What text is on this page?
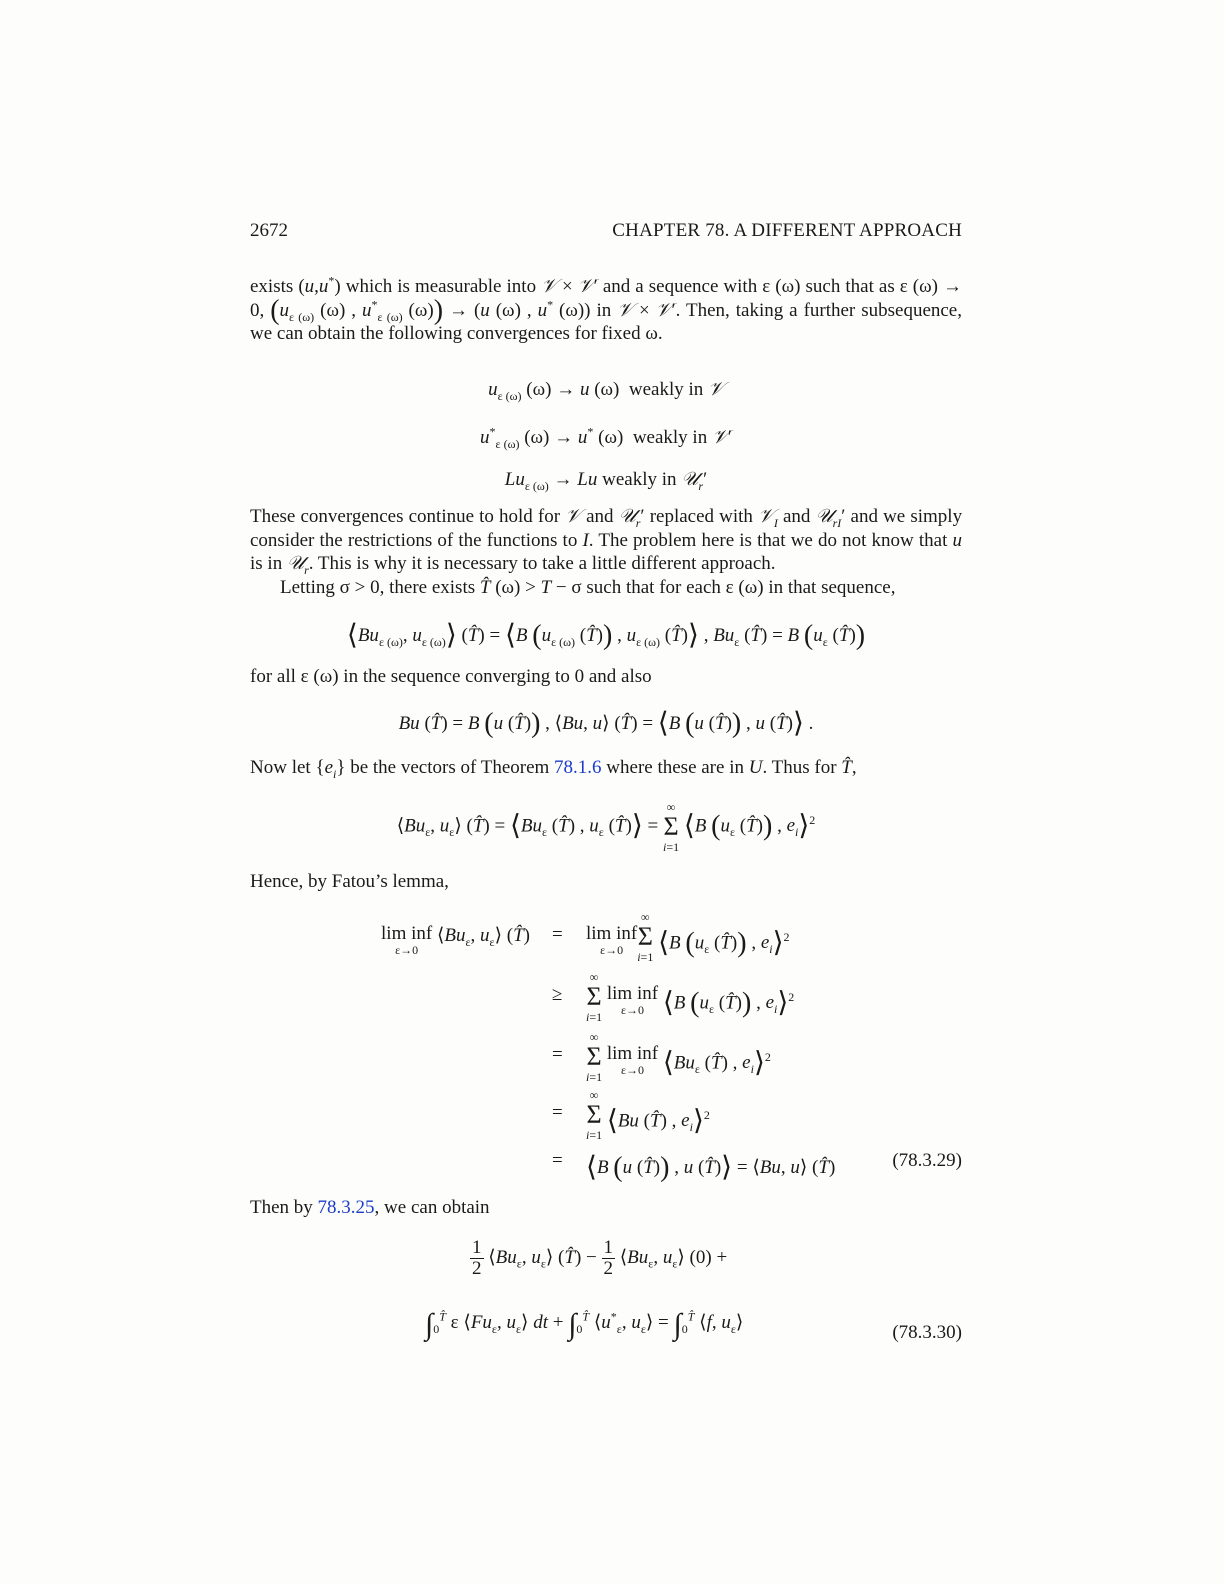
2672	CHAPTER 78. A DIFFERENT APPROACH
exists (u,u*) which is measurable into 𝒱 × 𝒱′ and a sequence with ε (ω) such that as ε (ω) → 0, ($u_{\varepsilon (\omega)}$ (ω) , $u^*_{\varepsilon (\omega)}$ (ω)) → (u (ω) , u* (ω)) in 𝒱 × 𝒱′. Then, taking a further subsequence, we can obtain the following convergences for fixed ω.
$u_{\varepsilon (\omega)}$ (ω) → u (ω)  weakly in 𝒱
$u^*_{\varepsilon (\omega)}$ (ω) → u* (ω)  weakly in 𝒱′
$Lu_{\varepsilon (\omega)} \to Lu$ weakly in 𝒰$_r$′
These convergences continue to hold for 𝒱 and 𝒰$_r$′ replaced with 𝒱$_I$ and 𝒰$_{rI}$′ and we simply consider the restrictions of the functions to I. The problem here is that we do not know that u is in 𝒰$_r$. This is why it is necessary to take a little different approach.
Letting σ > 0, there exists T̂ (ω) > T − σ such that for each ε (ω) in that sequence,
$⟨Bu_{\varepsilon (\omega)}$, $u_{\varepsilon (\omega)}⟩$ (T̂) = ⟨B ($u_{\varepsilon (\omega)}$ (T̂)) , $u_{\varepsilon (\omega)}$ (T̂)⟩ , $Bu_\varepsilon$ (T̂) = B ($u_\varepsilon$ (T̂))
for all ε (ω) in the sequence converging to 0 and also
Bu (T̂) = B (u (T̂)) , ⟨Bu, u⟩ (T̂) = ⟨B (u (T̂)) , u (T̂)⟩ .
Now let $\{e_i\}$ be the vectors of Theorem 78.1.6 where these are in U. Thus for T̂,
$⟨Bu_\varepsilon$, $u_\varepsilon⟩$ (T̂) = $⟨Bu_\varepsilon$ (T̂) , $u_\varepsilon$ (T̂)⟩ =
∞
Σ
i=1
⟨B ($u_\varepsilon$ (T̂)) , $e_i⟩^2$
Hence, by Fatou’s lemma,
lim inf
ε→0
$⟨Bu_\varepsilon$, $u_\varepsilon⟩$ (T̂) = lim inf
ε→0
∞
Σ
i=1 ⟨B ($u_\varepsilon$ (T̂)) , $e_i⟩^2$
≥
∞
Σ
i=1
lim inf
ε→0 ⟨B ($u_\varepsilon$ (T̂)) , $e_i⟩^2$
=
∞
Σ
i=1
lim inf
ε→0 $⟨Bu_\varepsilon$ (T̂) , $e_i⟩^2$
=
∞
Σ
i=1 ⟨Bu (T̂) , $e_i⟩^2$
= ⟨B (u (T̂)) , u (T̂)⟩ = ⟨Bu, u⟩ (T̂)	(78.3.29)
Then by 78.3.25, we can obtain
$\frac{1}{2}$ $⟨Bu_\varepsilon$, $u_\varepsilon⟩$ (T̂) − $\frac{1}{2}$ $⟨Bu_\varepsilon$, $u_\varepsilon⟩$ (0) +
$\int_0^{T̂}$ ε $⟨Fu_\varepsilon$, $u_\varepsilon⟩$ dt + $\int_0^{T̂}$ $⟨u^*_\varepsilon$, $u_\varepsilon⟩ = \int_0^{T̂}$ ⟨f, $u_\varepsilon⟩$	(78.3.30)
